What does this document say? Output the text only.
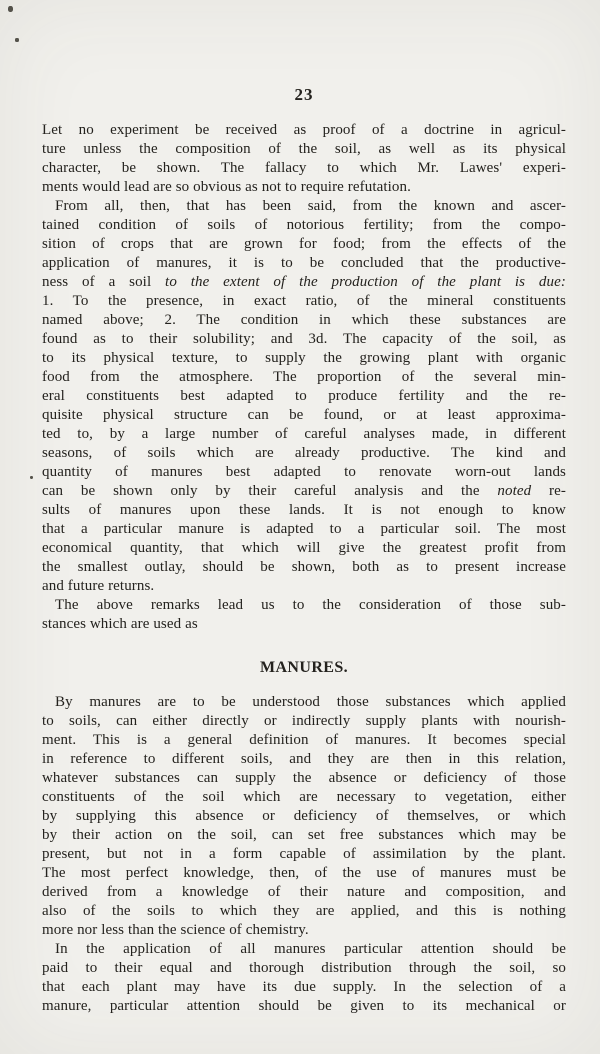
23
Let no experiment be received as proof of a doctrine in agricul-
ture unless the composition of the soil, as well as its physical
character, be shown. The fallacy to which Mr. Lawes' experi-
ments would lead are so obvious as not to require refutation.
From all, then, that has been said, from the known and ascer-
tained condition of soils of notorious fertility; from the compo-
sition of crops that are grown for food; from the effects of the
application of manures, it is to be concluded that the productive-
ness of a soil to the extent of the production of the plant is due:
1. To the presence, in exact ratio, of the mineral constituents
named above; 2. The condition in which these substances are
found as to their solubility; and 3d. The capacity of the soil, as
to its physical texture, to supply the growing plant with organic
food from the atmosphere. The proportion of the several min-
eral constituents best adapted to produce fertility and the re-
quisite physical structure can be found, or at least approxima-
ted to, by a large number of careful analyses made, in different
seasons, of soils which are already productive. The kind and
quantity of manures best adapted to renovate worn-out lands
can be shown only by their careful analysis and the noted re-
sults of manures upon these lands. It is not enough to know
that a particular manure is adapted to a particular soil. The most
economical quantity, that which will give the greatest profit from
the smallest outlay, should be shown, both as to present increase
and future returns.
The above remarks lead us to the consideration of those sub-
stances which are used as
MANURES.
By manures are to be understood those substances which applied
to soils, can either directly or indirectly supply plants with nourish-
ment. This is a general definition of manures. It becomes special
in reference to different soils, and they are then in this relation,
whatever substances can supply the absence or deficiency of those
constituents of the soil which are necessary to vegetation, either
by supplying this absence or deficiency of themselves, or which
by their action on the soil, can set free substances which may be
present, but not in a form capable of assimilation by the plant.
The most perfect knowledge, then, of the use of manures must be
derived from a knowledge of their nature and composition, and
also of the soils to which they are applied, and this is nothing
more nor less than the science of chemistry.
In the application of all manures particular attention should be
paid to their equal and thorough distribution through the soil, so
that each plant may have its due supply. In the selection of a
manure, particular attention should be given to its mechanical or
